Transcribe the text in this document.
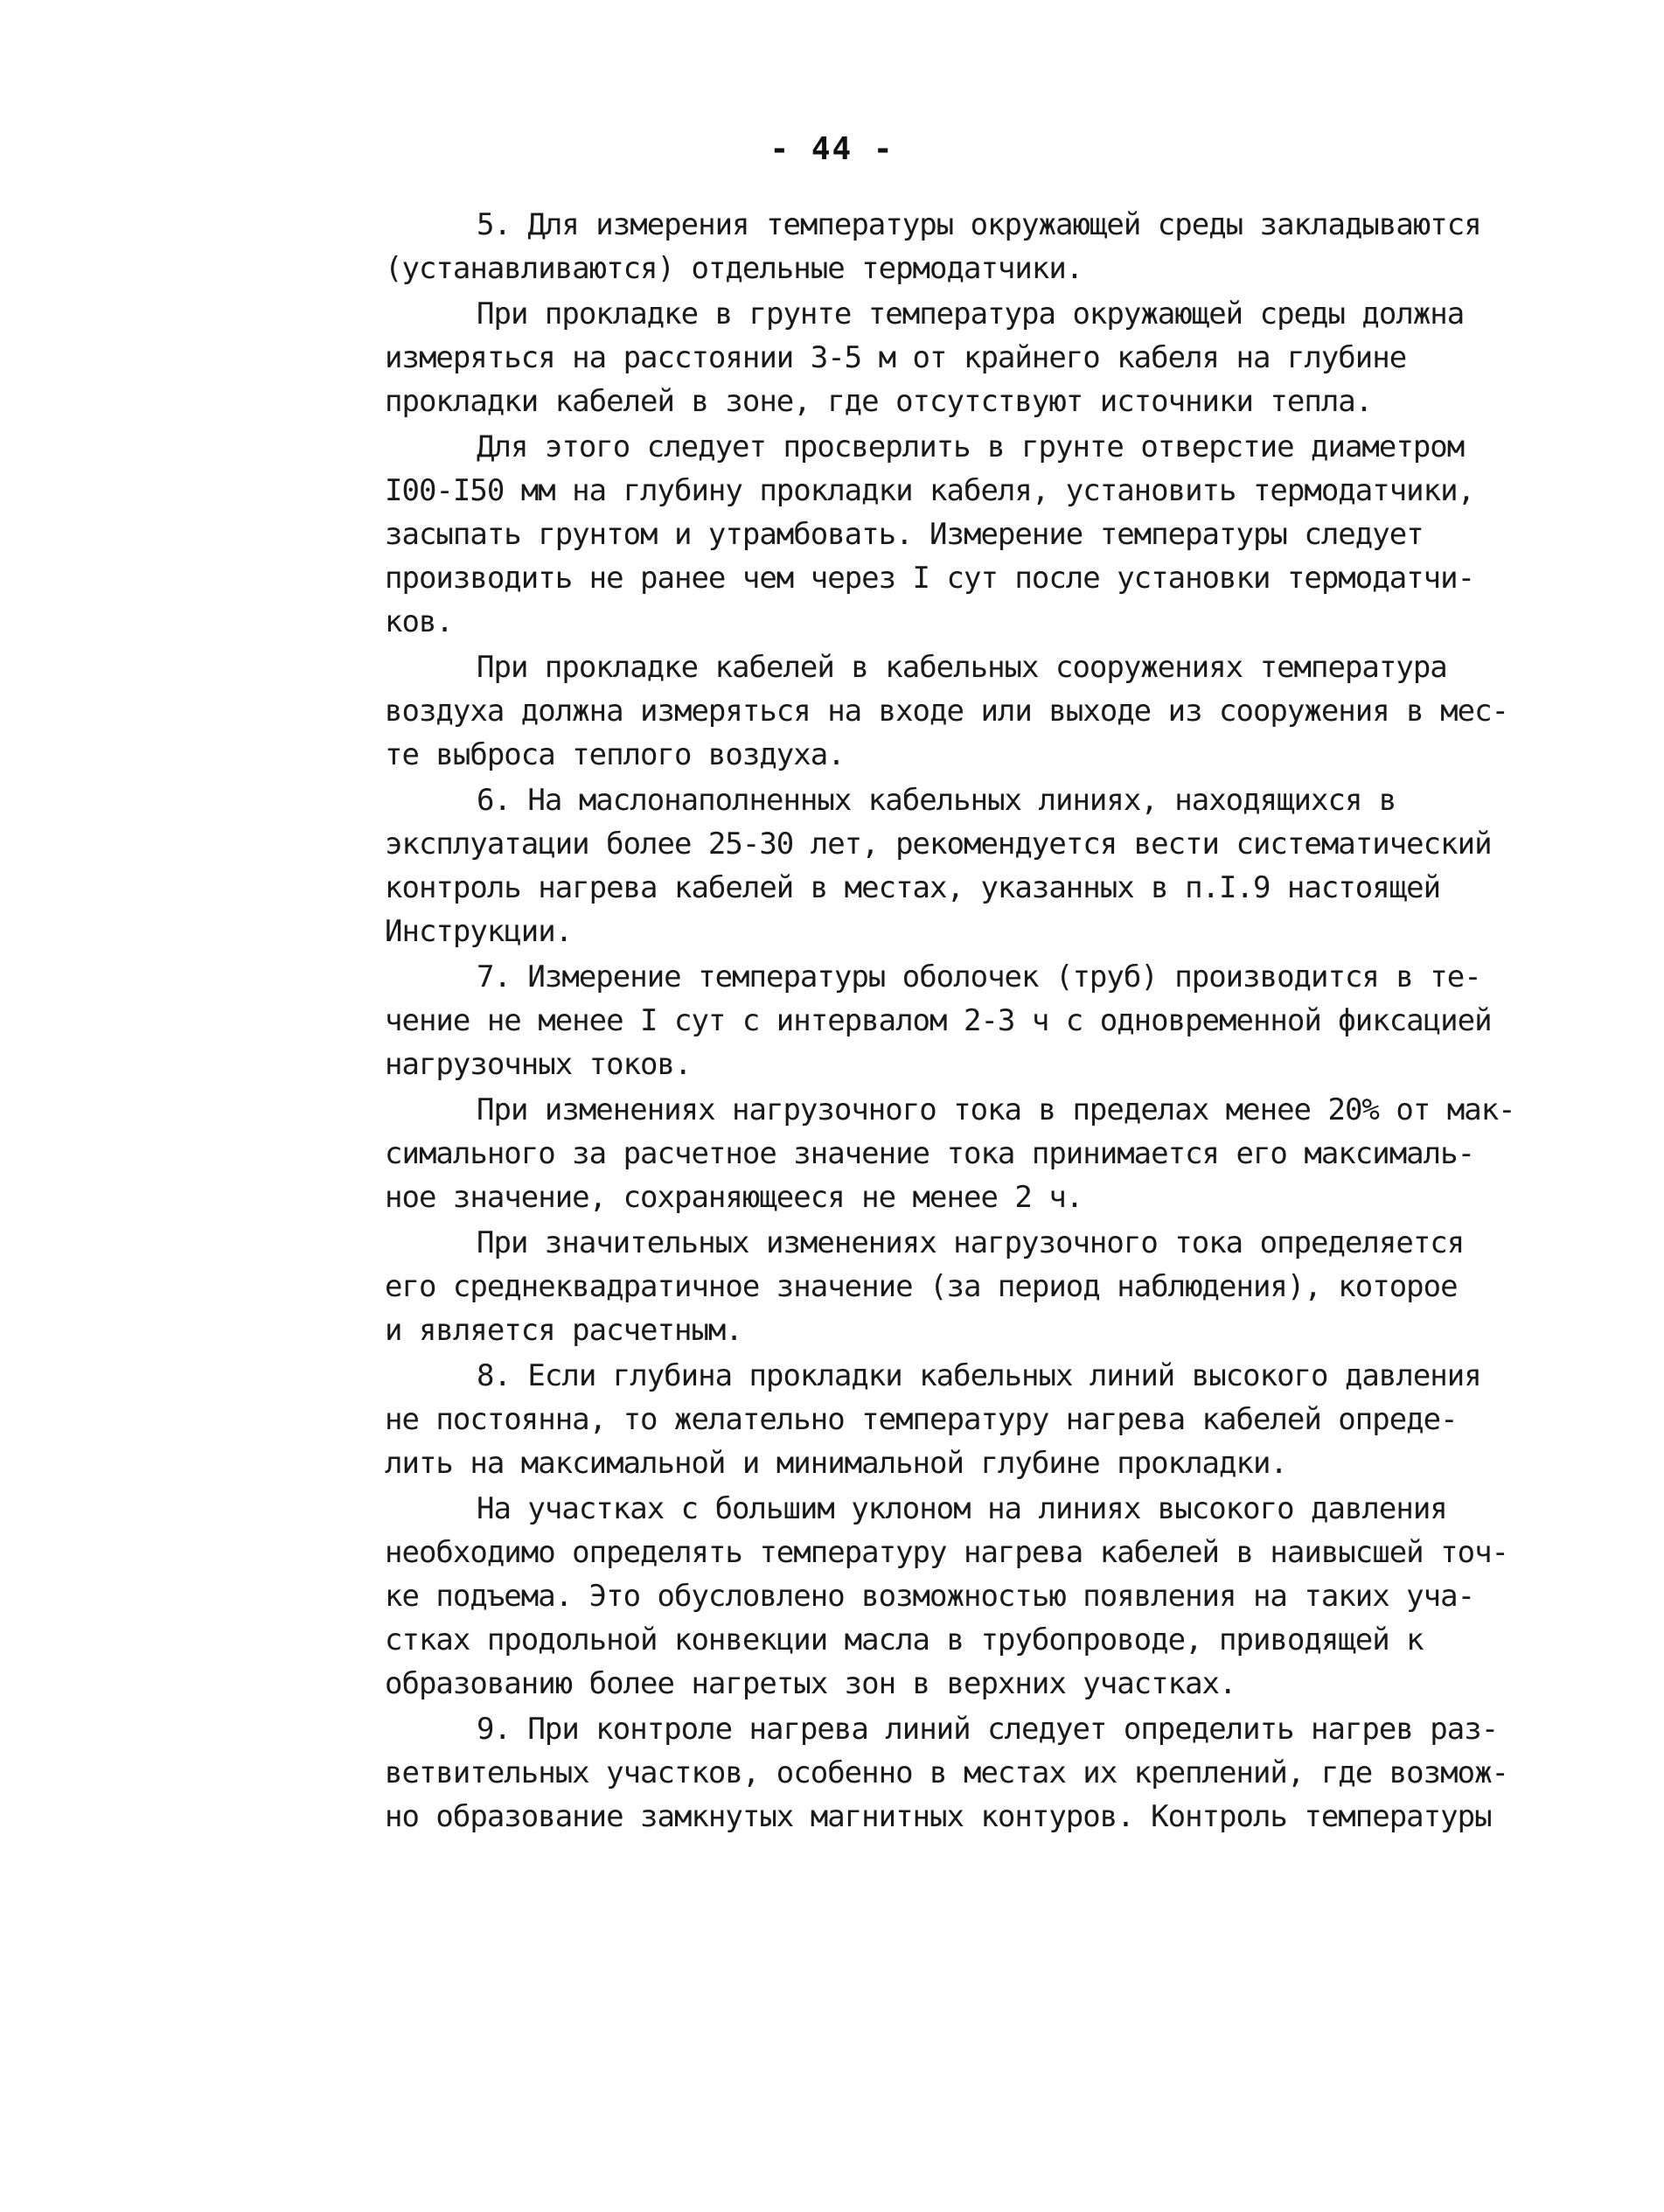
- 44 -
5. Для измерения температуры окружающей среды закладываются
(устанавливаются) отдельные термодатчики.
При прокладке в грунте температура окружающей среды должна
измеряться на расстоянии 3-5 м от крайнего кабеля на глубине
прокладки кабелей в зоне, где отсутствуют источники тепла.
Для этого следует просверлить в грунте отверстие диаметром
I00-I50 мм на глубину прокладки кабеля, установить термодатчики,
засыпать грунтом и утрамбовать. Измерение температуры следует
производить не ранее чем через I сут после установки термодатчи-
ков.
При прокладке кабелей в кабельных сооружениях температура
воздуха должна измеряться на входе или выходе из сооружения в мес-
те выброса теплого воздуха.
6. На маслонаполненных кабельных линиях, находящихся в
эксплуатации более 25-30 лет, рекомендуется вести систематический
контроль нагрева кабелей в местах, указанных в п.I.9 настоящей
Инструкции.
7. Измерение температуры оболочек (труб) производится в те-
чение не менее I сут с интервалом 2-3 ч с одновременной фиксацией
нагрузочных токов.
При изменениях нагрузочного тока в пределах менее 20% от мак-
симального за расчетное значение тока принимается его максималь-
ное значение, сохраняющееся не менее 2 ч.
При значительных изменениях нагрузочного тока определяется
его среднеквадратичное значение (за период наблюдения), которое
и является расчетным.
8. Если глубина прокладки кабельных линий высокого давления
не постоянна, то желательно температуру нагрева кабелей опреде-
лить на максимальной и минимальной глубине прокладки.
На участках с большим уклоном на линиях высокого давления
необходимо определять температуру нагрева кабелей в наивысшей точ-
ке подъема. Это обусловлено возможностью появления на таких уча-
стках продольной конвекции масла в трубопроводе, приводящей к
образованию более нагретых зон в верхних участках.
9. При контроле нагрева линий следует определить нагрев раз-
ветвительных участков, особенно в местах их креплений, где возмож-
но образование замкнутых магнитных контуров. Контроль температуры
